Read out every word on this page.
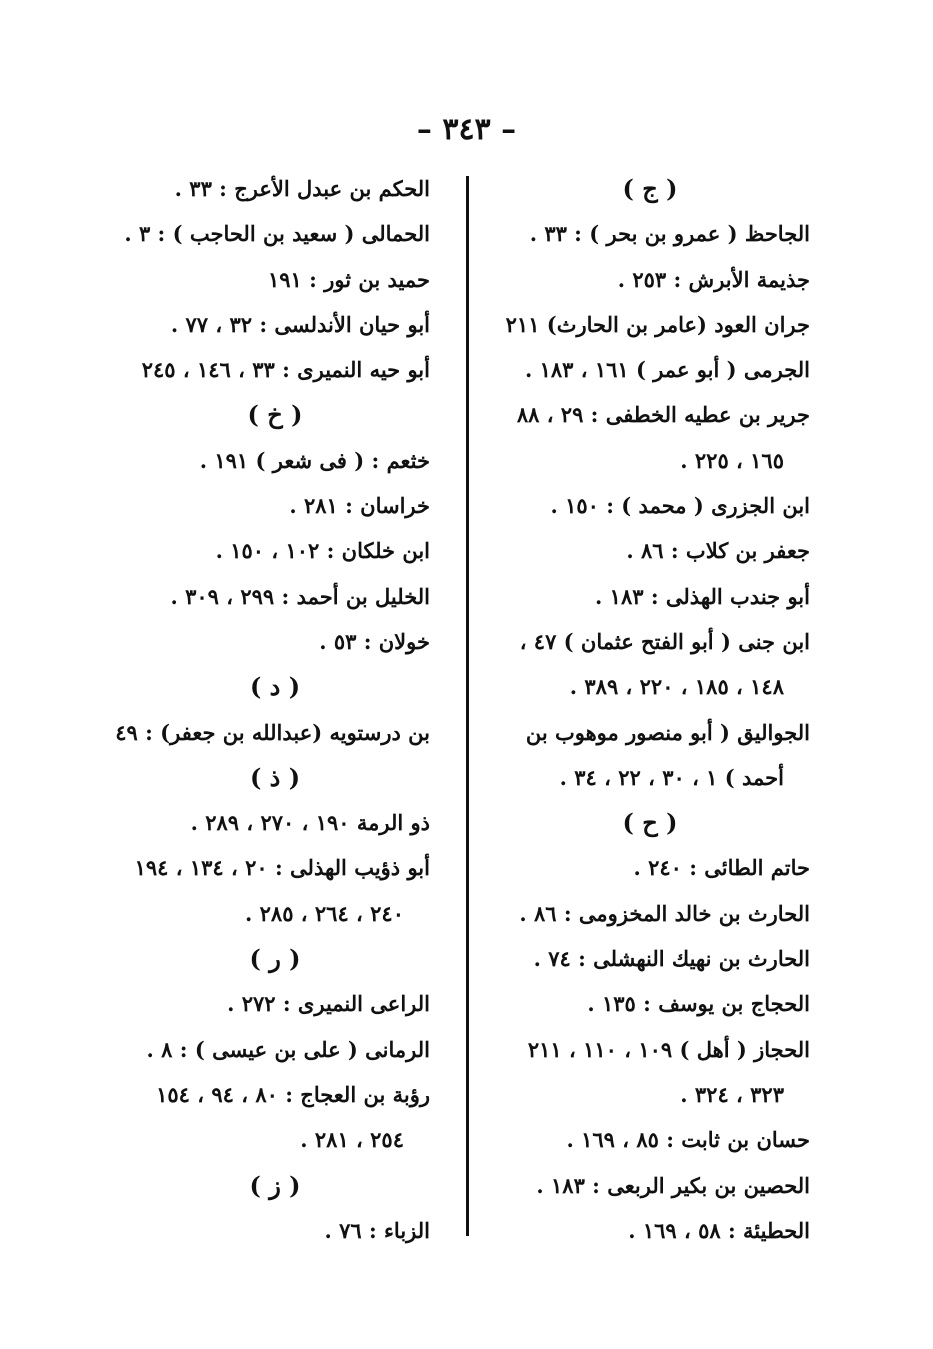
– ٣٤٣ –
( ج )
الجاحظ ( عمرو بن بحر ) : ٣٣ .
جذيمة الأبرش : ٢٥٣ .
جران العود (عامر بن الحارث) ٢١١
الجرمى ( أبو عمر ) ١٦١ ، ١٨٣ .
جرير بن عطيه الخطفى : ٢٩ ، ٨٨
١٦٥ ، ٢٢٥ .
ابن الجزرى ( محمد ) : ١٥٠ .
جعفر بن كلاب : ٨٦ .
أبو جندب الهذلى : ١٨٣ .
ابن جنى ( أبو الفتح عثمان ) ٤٧ ،
١٤٨ ، ١٨٥ ، ٢٢٠ ، ٣٨٩ .
الجواليق ( أبو منصور موهوب بن
أحمد ) ١ ، ٣٠ ، ٢٢ ، ٣٤ .
( ح )
حاتم الطائى : ٢٤٠ .
الحارث بن خالد المخزومى : ٨٦ .
الحارث بن نهيك النهشلى : ٧٤ .
الحجاج بن يوسف : ١٣٥ .
الحجاز ( أهل ) ١٠٩ ، ١١٠ ، ٢١١
٣٢٣ ، ٣٢٤ .
حسان بن ثابت : ٨٥ ، ١٦٩ .
الحصين بن بكير الربعى : ١٨٣ .
الحطيئة : ٥٨ ، ١٦٩ .
الحكم بن عبدل الأعرج : ٣٣ .
الحمالى ( سعيد بن الحاجب ) : ٣ .
حميد بن ثور : ١٩١
أبو حيان الأندلسى : ٣٢ ، ٧٧ .
أبو حيه النميرى : ٣٣ ، ١٤٦ ، ٢٤٥
( خ )
خثعم : ( فى شعر ) ١٩١ .
خراسان : ٢٨١ .
ابن خلكان : ١٠٢ ، ١٥٠ .
الخليل بن أحمد : ٢٩٩ ، ٣٠٩ .
خولان : ٥٣ .
( د )
بن درستويه (عبدالله بن جعفر) : ٤٩
( ذ )
ذو الرمة ١٩٠ ، ٢٧٠ ، ٢٨٩ .
أبو ذؤيب الهذلى : ٢٠ ، ١٣٤ ، ١٩٤
٢٤٠ ، ٢٦٤ ، ٢٨٥ .
( ر )
الراعى النميرى : ٢٧٢ .
الرمانى ( على بن عيسى ) : ٨ .
رؤبة بن العجاج : ٨٠ ، ٩٤ ، ١٥٤
٢٥٤ ، ٢٨١ .
( ز )
الزباء : ٧٦ .
